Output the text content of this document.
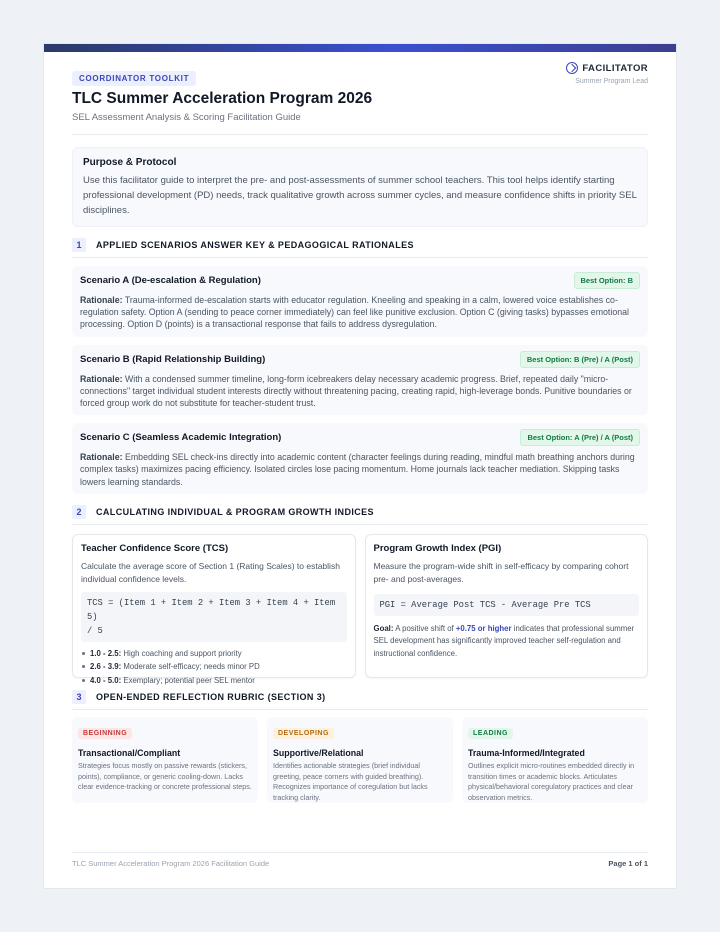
COORDINATOR TOOLKIT
TLC Summer Acceleration Program 2026
SEL Assessment Analysis & Scoring Facilitation Guide
FACILITATOR
Summer Program Lead
Purpose & Protocol
Use this facilitator guide to interpret the pre- and post-assessments of summer school teachers. This tool helps identify starting professional development (PD) needs, track qualitative growth across summer cycles, and measure confidence shifts in priority SEL disciplines.
1	APPLIED SCENARIOS ANSWER KEY & PEDAGOGICAL RATIONALES
Scenario A (De-escalation & Regulation)	Best Option: B
Rationale: Trauma-informed de-escalation starts with educator regulation. Kneeling and speaking in a calm, lowered voice establishes co-regulation safety. Option A (sending to peace corner immediately) can feel like punitive exclusion. Option C (giving tasks) bypasses emotional processing. Option D (points) is a transactional response that fails to address dysregulation.
Scenario B (Rapid Relationship Building)	Best Option: B (Pre) / A (Post)
Rationale: With a condensed summer timeline, long-form icebreakers delay necessary academic progress. Brief, repeated daily "micro-connections" target individual student interests directly without threatening pacing, creating rapid, high-leverage bonds. Punitive boundaries or forced group work do not substitute for teacher-student trust.
Scenario C (Seamless Academic Integration)	Best Option: A (Pre) / A (Post)
Rationale: Embedding SEL check-ins directly into academic content (character feelings during reading, mindful math breathing anchors during complex tasks) maximizes pacing efficiency. Isolated circles lose pacing momentum. Home journals lack teacher mediation. Skipping tasks lowers learning standards.
2	CALCULATING INDIVIDUAL & PROGRAM GROWTH INDICES
Teacher Confidence Score (TCS)
Calculate the average score of Section 1 (Rating Scales) to establish individual confidence levels.
TCS = (Item 1 + Item 2 + Item 3 + Item 4 + Item 5)
/ 5
1.0 - 2.5: High coaching and support priority
2.6 - 3.9: Moderate self-efficacy; needs minor PD
4.0 - 5.0: Exemplary; potential peer SEL mentor
Program Growth Index (PGI)
Measure the program-wide shift in self-efficacy by comparing cohort pre- and post-averages.
PGI = Average Post TCS - Average Pre TCS
Goal: A positive shift of +0.75 or higher indicates that professional summer SEL development has significantly improved teacher self-regulation and instructional confidence.
3	OPEN-ENDED REFLECTION RUBRIC (SECTION 3)
BEGINNING
Transactional/Compliant
Strategies focus mostly on passive rewards (stickers, points), compliance, or generic cooling-down. Lacks clear evidence-tracking or concrete professional steps.
DEVELOPING
Supportive/Relational
Identifies actionable strategies (brief individual greeting, peace corners with guided breathing). Recognizes importance of coregulation but lacks tracking clarity.
LEADING
Trauma-Informed/Integrated
Outlines explicit micro-routines embedded directly in transition times or academic blocks. Articulates physical/behavioral coregulatory practices and clear observation metrics.
TLC Summer Acceleration Program 2026 Facilitation Guide	Page 1 of 1
